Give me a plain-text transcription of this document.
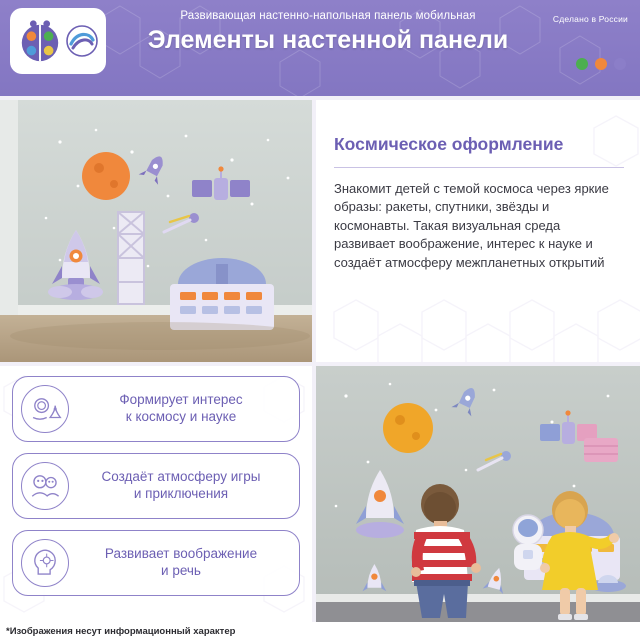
Развивающая настенно-напольная панель мобильная
Элементы настенной панели
Сделано в России
Космическое оформление
Знакомит детей с темой космоса через яркие образы: ракеты, спутники, звёзды и космонавты. Такая визуальная среда развивает воображение, интерес к науке и создаёт атмосферу межпланетных открытий
Формирует интерес
к космосу и науке
Создаёт атмосферу игры
и приключения
Развивает воображение
и речь
*Изображения несут информационный характер
